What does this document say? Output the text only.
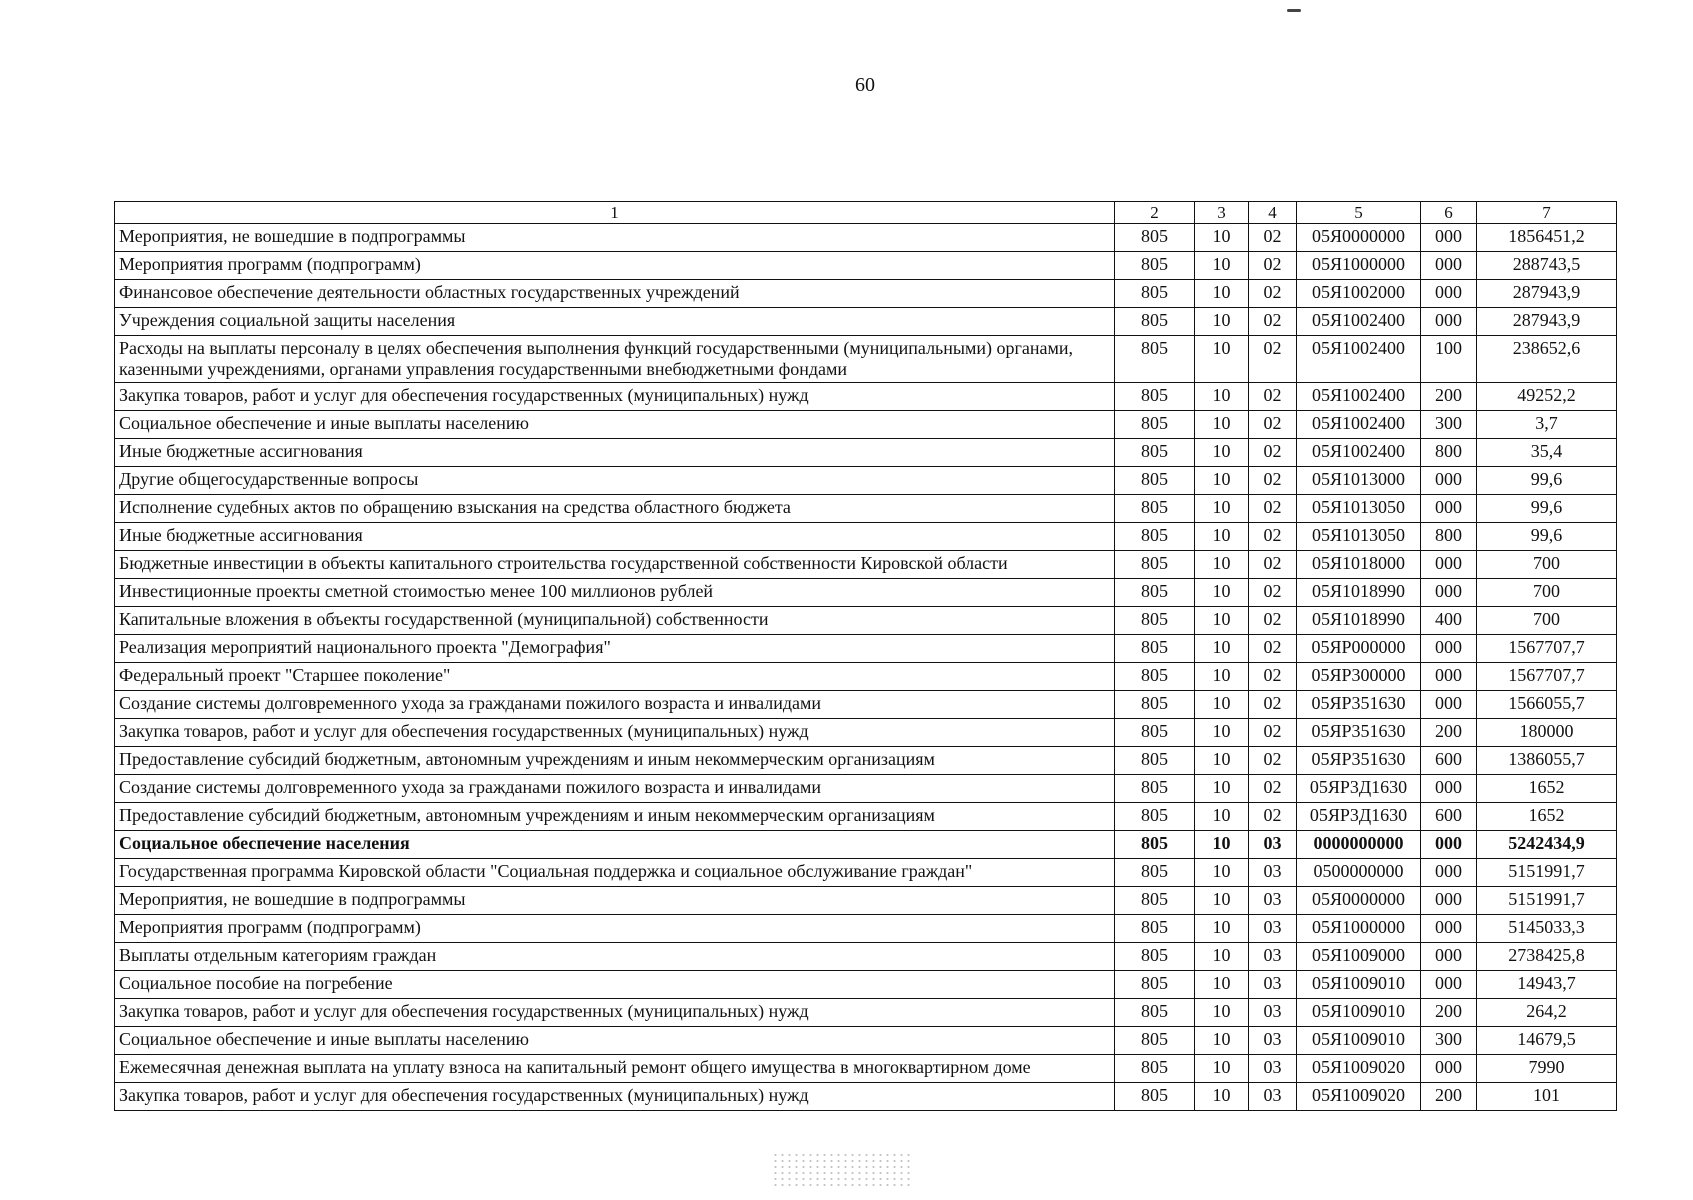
60
1	2	3	4	5	6	7
Мероприятия, не вошедшие в подпрограммы	805	10	02	05Я0000000	000	1856451,2
Мероприятия программ (подпрограмм)	805	10	02	05Я1000000	000	288743,5
Финансовое обеспечение деятельности областных государственных учреждений	805	10	02	05Я1002000	000	287943,9
Учреждения социальной защиты населения	805	10	02	05Я1002400	000	287943,9
Расходы на выплаты персоналу в целях обеспечения выполнения функций государственными (муниципальными) органами, казенными учреждениями, органами управления государственными внебюджетными фондами	805	10	02	05Я1002400	100	238652,6
Закупка товаров, работ и услуг для обеспечения государственных (муниципальных) нужд	805	10	02	05Я1002400	200	49252,2
Социальное обеспечение и иные выплаты населению	805	10	02	05Я1002400	300	3,7
Иные бюджетные ассигнования	805	10	02	05Я1002400	800	35,4
Другие общегосударственные вопросы	805	10	02	05Я1013000	000	99,6
Исполнение судебных актов по обращению взыскания на средства областного бюджета	805	10	02	05Я1013050	000	99,6
Иные бюджетные ассигнования	805	10	02	05Я1013050	800	99,6
Бюджетные инвестиции в объекты капитального строительства государственной собственности Кировской области	805	10	02	05Я1018000	000	700
Инвестиционные проекты сметной стоимостью менее 100 миллионов рублей	805	10	02	05Я1018990	000	700
Капитальные вложения в объекты государственной (муниципальной) собственности	805	10	02	05Я1018990	400	700
Реализация мероприятий национального проекта "Демография"	805	10	02	05ЯР000000	000	1567707,7
Федеральный проект "Старшее поколение"	805	10	02	05ЯР300000	000	1567707,7
Создание системы долговременного ухода за гражданами пожилого возраста и инвалидами	805	10	02	05ЯР351630	000	1566055,7
Закупка товаров, работ и услуг для обеспечения государственных (муниципальных) нужд	805	10	02	05ЯР351630	200	180000
Предоставление субсидий бюджетным, автономным учреждениям и иным некоммерческим организациям	805	10	02	05ЯР351630	600	1386055,7
Создание системы долговременного ухода за гражданами пожилого возраста и инвалидами	805	10	02	05ЯР3Д1630	000	1652
Предоставление субсидий бюджетным, автономным учреждениям и иным некоммерческим организациям	805	10	02	05ЯР3Д1630	600	1652
Социальное обеспечение населения	805	10	03	0000000000	000	5242434,9
Государственная программа Кировской области "Социальная поддержка и социальное обслуживание граждан"	805	10	03	0500000000	000	5151991,7
Мероприятия, не вошедшие в подпрограммы	805	10	03	05Я0000000	000	5151991,7
Мероприятия программ (подпрограмм)	805	10	03	05Я1000000	000	5145033,3
Выплаты отдельным категориям граждан	805	10	03	05Я1009000	000	2738425,8
Социальное пособие на погребение	805	10	03	05Я1009010	000	14943,7
Закупка товаров, работ и услуг для обеспечения государственных (муниципальных) нужд	805	10	03	05Я1009010	200	264,2
Социальное обеспечение и иные выплаты населению	805	10	03	05Я1009010	300	14679,5
Ежемесячная денежная выплата на уплату взноса на капитальный ремонт общего имущества в многоквартирном доме	805	10	03	05Я1009020	000	7990
Закупка товаров, работ и услуг для обеспечения государственных (муниципальных) нужд	805	10	03	05Я1009020	200	101
